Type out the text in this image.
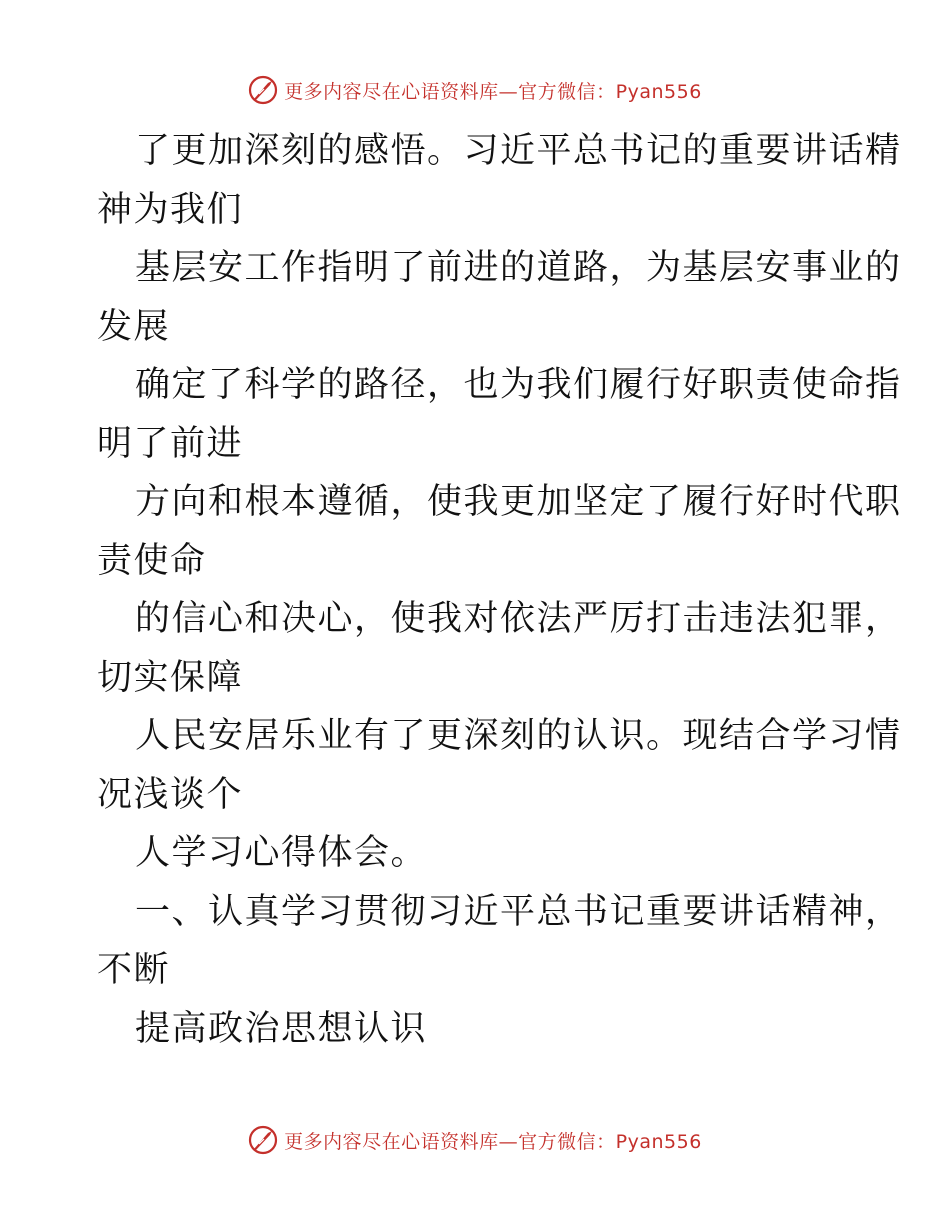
更多内容尽在心语资料库—官方微信：Pyan556
了更加深刻的感悟。习近平总书记的重要讲话精
神为我们
基层安工作指明了前进的道路，为基层安事业的
发展
确定了科学的路径，也为我们履行好职责使命指
明了前进
方向和根本遵循，使我更加坚定了履行好时代职
责使命
的信心和决心，使我对依法严厉打击违法犯罪，
切实保障
人民安居乐业有了更深刻的认识。现结合学习情
况浅谈个
人学习心得体会。
一、认真学习贯彻习近平总书记重要讲话精神，
不断
提高政治思想认识
更多内容尽在心语资料库—官方微信：Pyan556
